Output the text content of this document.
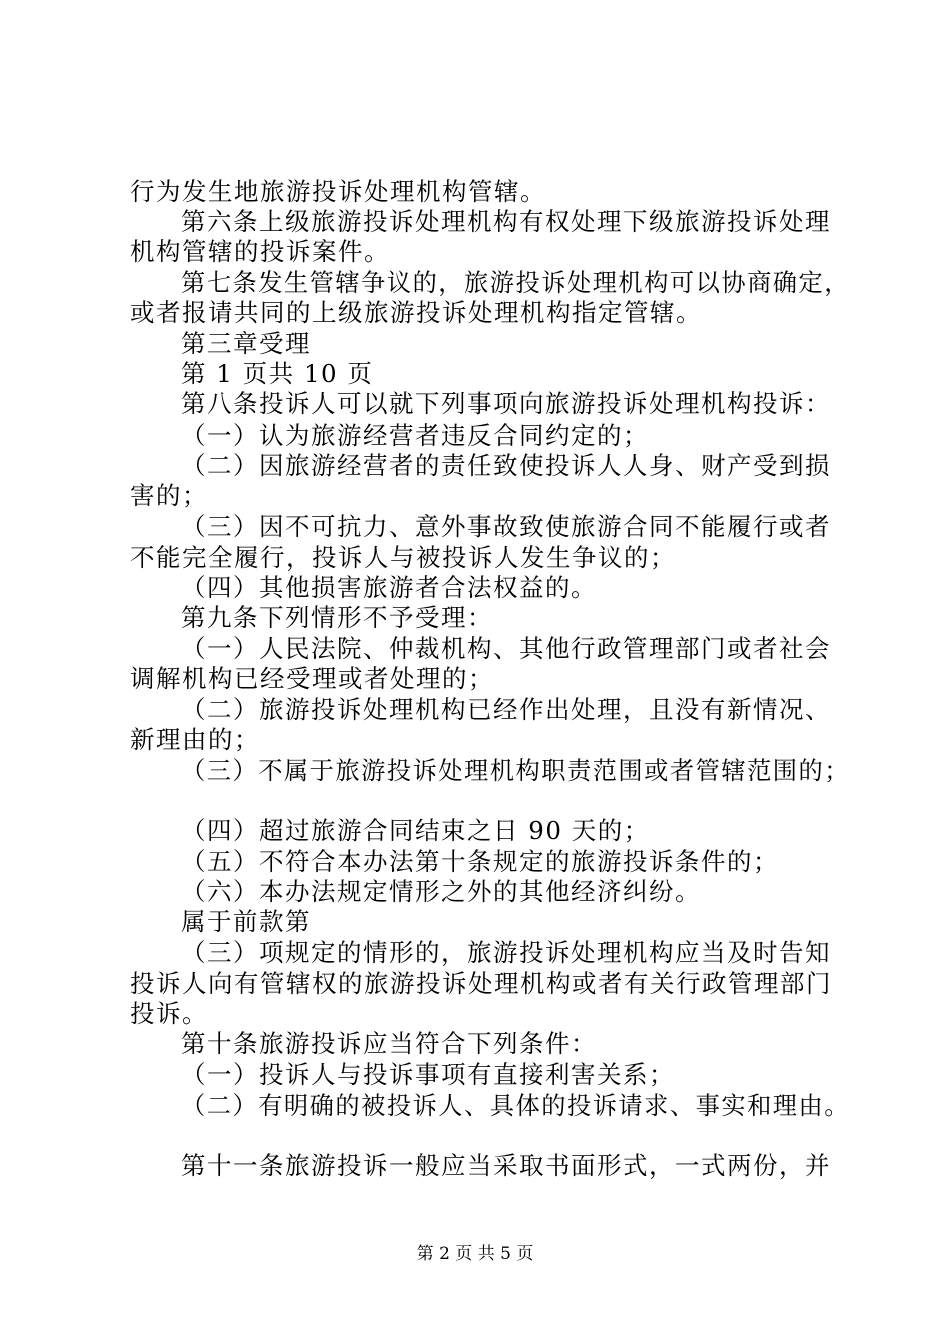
行为发生地旅游投诉处理机构管辖。
第六条上级旅游投诉处理机构有权处理下级旅游投诉处理
机构管辖的投诉案件。
第七条发生管辖争议的，旅游投诉处理机构可以协商确定，
或者报请共同的上级旅游投诉处理机构指定管辖。
第三章受理
第 1 页共 10 页
第八条投诉人可以就下列事项向旅游投诉处理机构投诉：
（一）认为旅游经营者违反合同约定的；
（二）因旅游经营者的责任致使投诉人人身、财产受到损
害的；
（三）因不可抗力、意外事故致使旅游合同不能履行或者
不能完全履行，投诉人与被投诉人发生争议的；
（四）其他损害旅游者合法权益的。
第九条下列情形不予受理：
（一）人民法院、仲裁机构、其他行政管理部门或者社会
调解机构已经受理或者处理的；
（二）旅游投诉处理机构已经作出处理，且没有新情况、
新理由的；
（三）不属于旅游投诉处理机构职责范围或者管辖范围的；
（四）超过旅游合同结束之日 90 天的；
（五）不符合本办法第十条规定的旅游投诉条件的；
（六）本办法规定情形之外的其他经济纠纷。
属于前款第
（三）项规定的情形的，旅游投诉处理机构应当及时告知
投诉人向有管辖权的旅游投诉处理机构或者有关行政管理部门
投诉。
第十条旅游投诉应当符合下列条件：
（一）投诉人与投诉事项有直接利害关系；
（二）有明确的被投诉人、具体的投诉请求、事实和理由。
第十一条旅游投诉一般应当采取书面形式，一式两份，并
第 2 页 共 5 页
